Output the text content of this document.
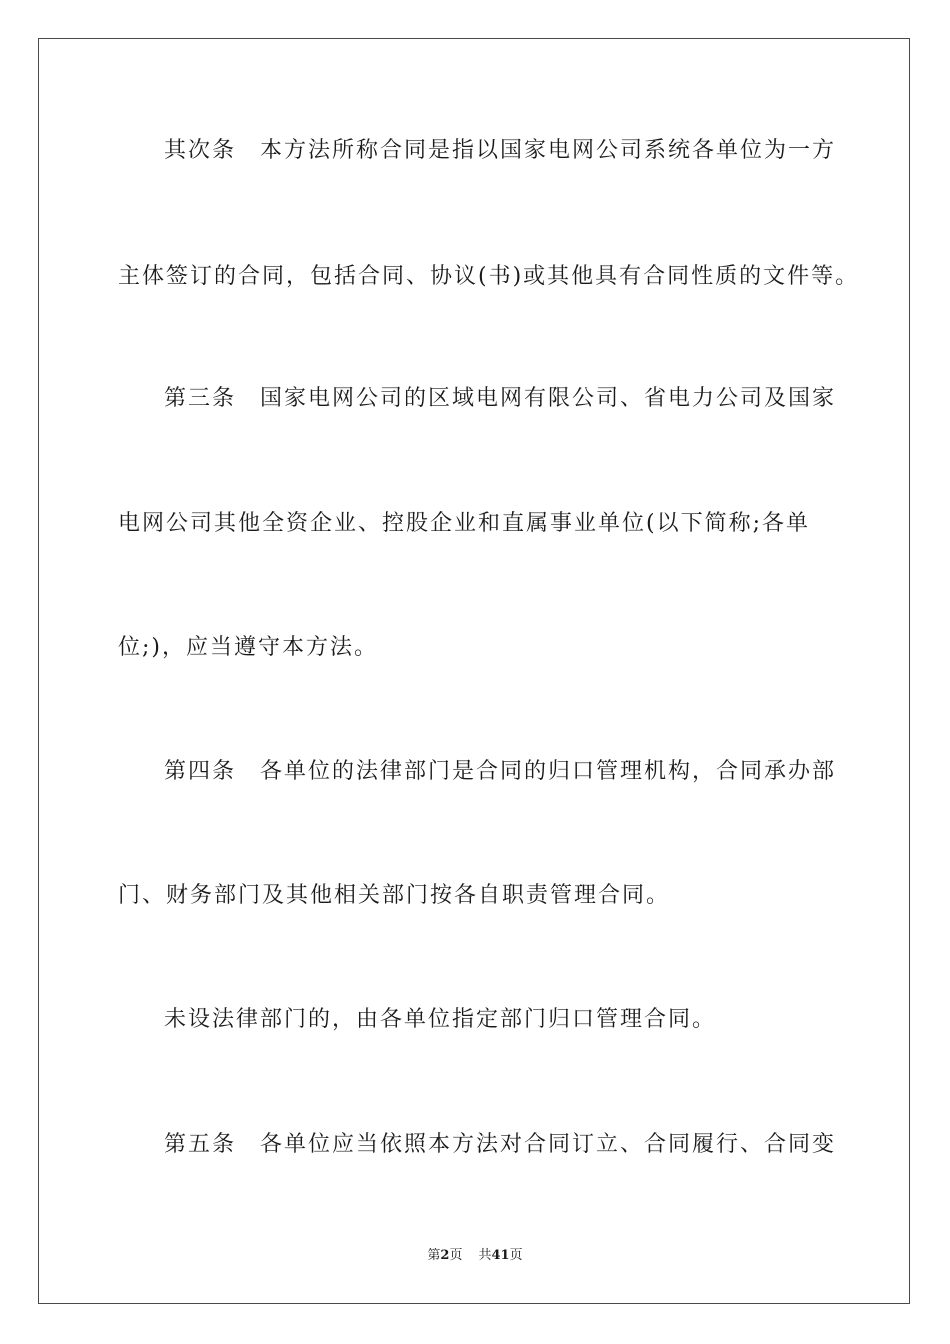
其次条　本方法所称合同是指以国家电网公司系统各单位为一方
主体签订的合同，包括合同、协议(书)或其他具有合同性质的文件等。
第三条　国家电网公司的区域电网有限公司、省电力公司及国家
电网公司其他全资企业、控股企业和直属事业单位(以下简称;各单
位;)，应当遵守本方法。
第四条　各单位的法律部门是合同的归口管理机构，合同承办部
门、财务部门及其他相关部门按各自职责管理合同。
未设法律部门的，由各单位指定部门归口管理合同。
第五条　各单位应当依照本方法对合同订立、合同履行、合同变
第2页 共41页
